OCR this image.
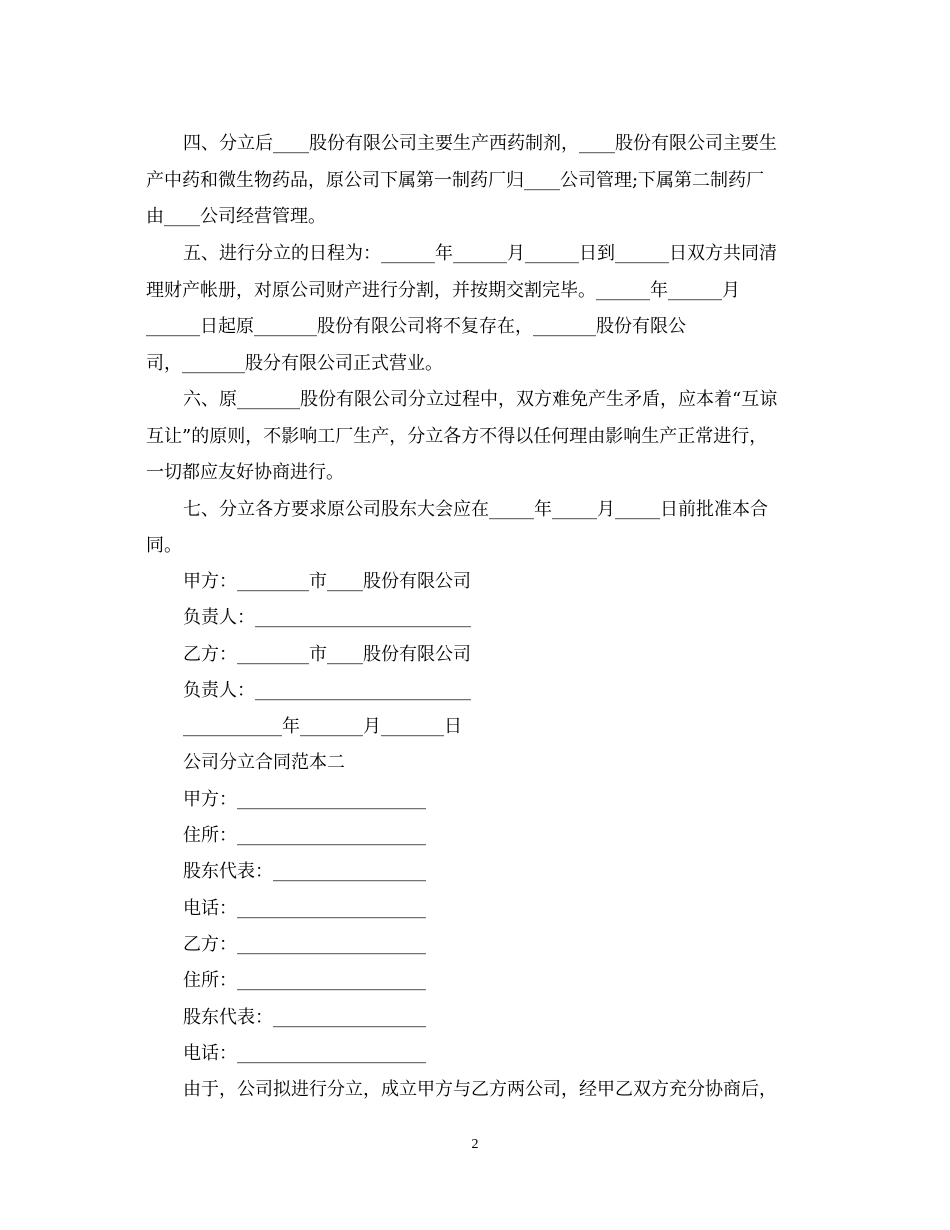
四、分立后____股份有限公司主要生产西药制剂，____股份有限公司主要生
产中药和微生物药品，原公司下属第一制药厂归____公司管理;下属第二制药厂
由____公司经营管理。
五、进行分立的日程为：______年______月______日到______日双方共同清
理财产帐册，对原公司财产进行分割，并按期交割完毕。______年______月
______日起原_______股份有限公司将不复存在，_______股份有限公
司，_______股分有限公司正式营业。
六、原_______股份有限公司分立过程中，双方难免产生矛盾，应本着“互谅
互让”的原则，不影响工厂生产，分立各方不得以任何理由影响生产正常进行，
一切都应友好协商进行。
七、分立各方要求原公司股东大会应在_____年_____月_____日前批准本合
同。
甲方：________市____股份有限公司
负责人：________________________
乙方：________市____股份有限公司
负责人：________________________
___________年_______月_______日
公司分立合同范本二
甲方：_____________________
住所：_____________________
股东代表：_________________
电话：_____________________
乙方：_____________________
住所：_____________________
股东代表：_________________
电话：_____________________
由于，公司拟进行分立，成立甲方与乙方两公司，经甲乙双方充分协商后，
2
